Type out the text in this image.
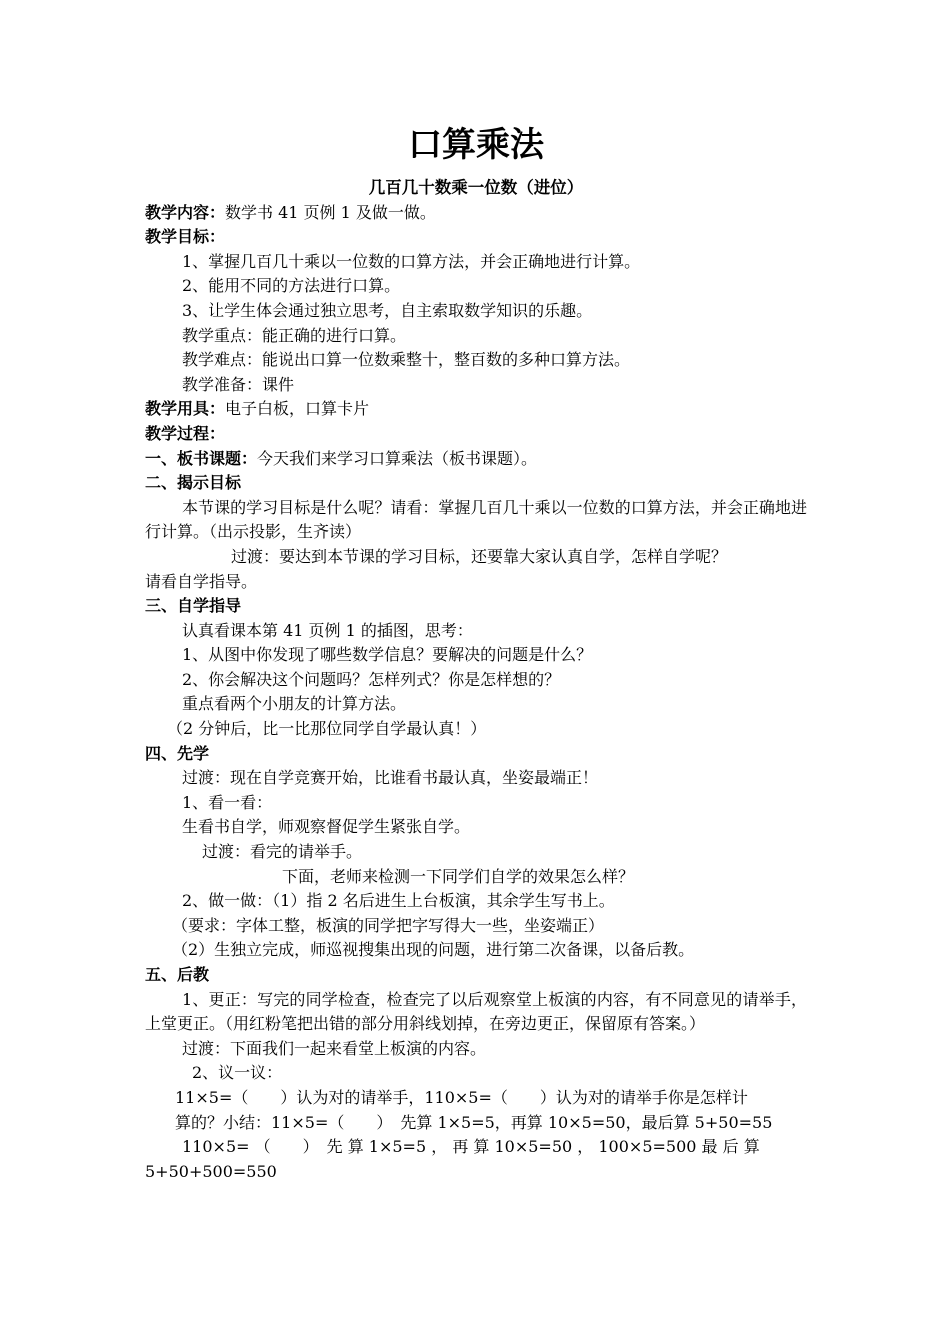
口算乘法
几百几十数乘一位数（进位）
教学内容：数学书 41 页例 1 及做一做。
教学目标：
1、掌握几百几十乘以一位数的口算方法，并会正确地进行计算。
2、能用不同的方法进行口算。
3、让学生体会通过独立思考，自主索取数学知识的乐趣。
教学重点：能正确的进行口算。
教学难点：能说出口算一位数乘整十，整百数的多种口算方法。
教学准备：课件
教学用具：电子白板，口算卡片
教学过程：
一、板书课题：今天我们来学习口算乘法（板书课题）。
二、揭示目标
本节课的学习目标是什么呢？请看：掌握几百几十乘以一位数的口算方法，并会正确地进行计算。（出示投影，生齐读）
过渡：要达到本节课的学习目标，还要靠大家认真自学，怎样自学呢？
请看自学指导。
三、自学指导
认真看课本第 41 页例 1 的插图，思考：
1、从图中你发现了哪些数学信息？要解决的问题是什么？
2、你会解决这个问题吗？怎样列式？你是怎样想的？
重点看两个小朋友的计算方法。
（2 分钟后，比一比那位同学自学最认真！）
四、先学
过渡：现在自学竞赛开始，比谁看书最认真，坐姿最端正！
1、看一看：
生看书自学，师观察督促学生紧张自学。
过渡：看完的请举手。
下面，老师来检测一下同学们自学的效果怎么样？
2、做一做：（1）指 2 名后进生上台板演，其余学生写书上。
（要求：字体工整，板演的同学把字写得大一些，坐姿端正）
（2）生独立完成，师巡视搜集出现的问题，进行第二次备课，以备后教。
五、后教
1、更正：写完的同学检查，检查完了以后观察堂上板演的内容，有不同意见的请举手，上堂更正。（用红粉笔把出错的部分用斜线划掉，在旁边更正，保留原有答案。）
过渡：下面我们一起来看堂上板演的内容。
2、议一议：
11×5=（　　）认为对的请举手，110×5=（　　）认为对的请举手你是怎样计
算的？小结：11×5=（　　）　先算 1×5=5，再算 10×5=50，最后算 5+50=55
110×5= （　　）　先 算 1×5=5 ， 再 算 10×5=50 ， 100×5=500 最 后 算
5+50+500=550
